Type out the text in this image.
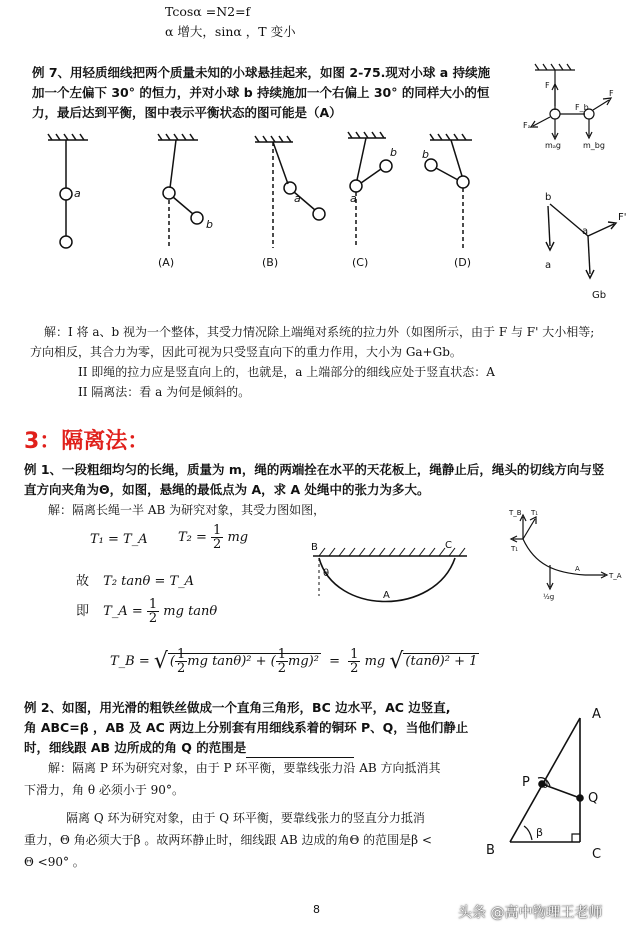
Tcosα =N2=f
α 增大，sinα ，T 变小
例 7、用轻质细线把两个质量未知的小球悬挂起来，如图 2-75.现对小球 a 持续施
加一个左偏下 30° 的恒力，并对小球 b 持续施加一个右偏上 30° 的同样大小的恒
力，最后达到平衡，图中表示平衡状态的图可能是（A）
a
b
a	a
b b
(A)	(B)	(C)	(D)
F
Fₐ
F_b
F
mₐg	m_bg
b
a
F'
a
Gb
解：I 将 a、b 视为一个整体，其受力情况除上端绳对系统的拉力外（如图所示，由于 F 与 F' 大小相等;
方向相反，其合力为零，因此可视为只受竖直向下的重力作用，大小为 Ga+Gb。
II 即绳的拉力应是竖直向上的，也就是，a 上端部分的细线应处于竖直状态：A
II 隔离法：看 a 为何是倾斜的。
3：隔离法：
例 1、一段粗细均匀的长绳，质量为 m，绳的两端拴在水平的天花板上，绳静止后，绳头的切线方向与竖
直方向夹角为Θ，如图，悬绳的最低点为 A，求 A 处绳中的张力为多大。
解：隔离长绳一半 AB 为研究对象，其受力图如图，
T₁ = T_A $T_2 = \frac{1}{2}$ mg
故 T₂ tanθ = T_A
即 T_A = $\frac{1}{2}$ mg tanθ
T_B = √ ( $\frac{1}{2}$ mg tanθ)² + ( $\frac{1}{2} mg)^2 = \frac{1}{2}$ mg √ (tanθ)² + 1
B	C
θ
A
T_B T₁
T₁
T_A
½g
A
例 2、如图，用光滑的粗铁丝做成一个直角三角形，BC 边水平，AC 边竖直,
角 ABC=β ，AB 及 AC 两边上分别套有用细线系着的铜环 P、Q，当他们静止
时，细线跟 AB 边所成的角 Q 的范围是
解：隔离 P 环为研究对象，由于 P 环平衡，要靠线张力沿 AB 方向抵消其
下滑力，角 θ 必须小于 90°。
隔离 Q 环为研究对象，由于 Q 环平衡，要靠线张力的竖直分力抵消
重力，Θ 角必须大于β 。故两环静止时，细线跟 AB 边成的角Θ 的范围是β <
Θ <90° 。
A
B	C
P
Q
θ
β
8	头条 @高中物理王老师
